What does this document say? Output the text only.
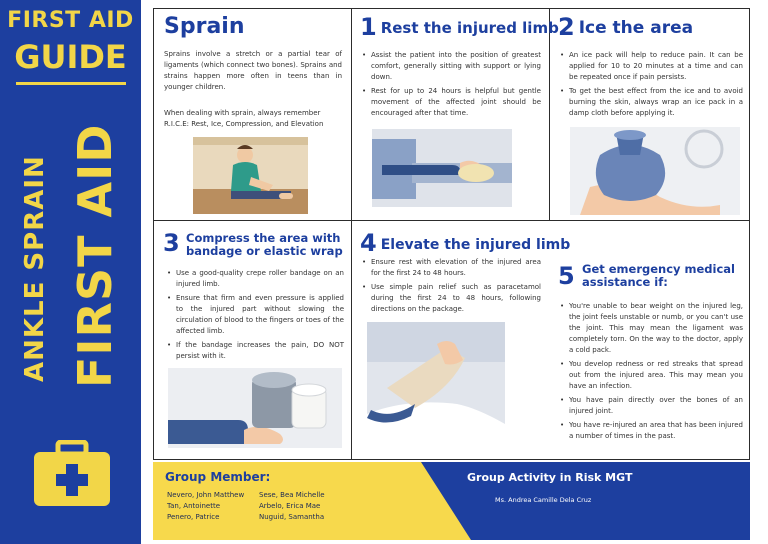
FIRST AID
GUIDE
ANKLE SPRAIN FIRST AID
Sprain
Sprains involve a stretch or a partial tear of ligaments (which connect two bones). Sprains and strains happen more often in teens than in younger children.
When dealing with sprain, always remember R.I.C.E: Rest, Ice, Compression, and Elevation
1 Rest the injured limb
• Assist the patient into the position of greatest comfort, generally sitting with support or lying down.
• Rest for up to 24 hours is helpful but gentle movement of the affected joint should be encouraged after that time.
2 Ice the area
• An ice pack will help to reduce pain. It can be applied for 10 to 20 minutes at a time and can be repeated once if pain persists.
• To get the best effect from the ice and to avoid burning the skin, always wrap an ice pack in a damp cloth before applying it.
3 Compress the area with
bandage or elastic wrap
• Use a good-quality crepe roller bandage on an injured limb.
• Ensure that firm and even pressure is applied to the injured part without slowing the circulation of blood to the fingers or toes of the affected limb.
• If the bandage increases the pain, DO NOT persist with it.
4 Elevate the injured limb
• Ensure rest with elevation of the injured area for the first 24 to 48 hours.
• Use simple pain relief such as paracetamol during the first 24 to 48 hours, following directions on the package.
5 Get emergency medical
assistance if:
• You're unable to bear weight on the injured leg, the joint feels unstable or numb, or you can't use the joint. This may mean the ligament was completely torn. On the way to the doctor, apply a cold pack.
• You develop redness or red streaks that spread out from the injured area. This may mean you have an infection.
• You have pain directly over the bones of an injured joint.
• You have re-injured an area that has been injured a number of times in the past.
Group Member:
Nevero, John Matthew
Tan, Antoinette
Penero, Patrice
Sese, Bea Michelle
Arbelo, Erica Mae
Nuguid, Samantha
Group Activity in Risk MGT
Ms. Andrea Camille Dela Cruz
